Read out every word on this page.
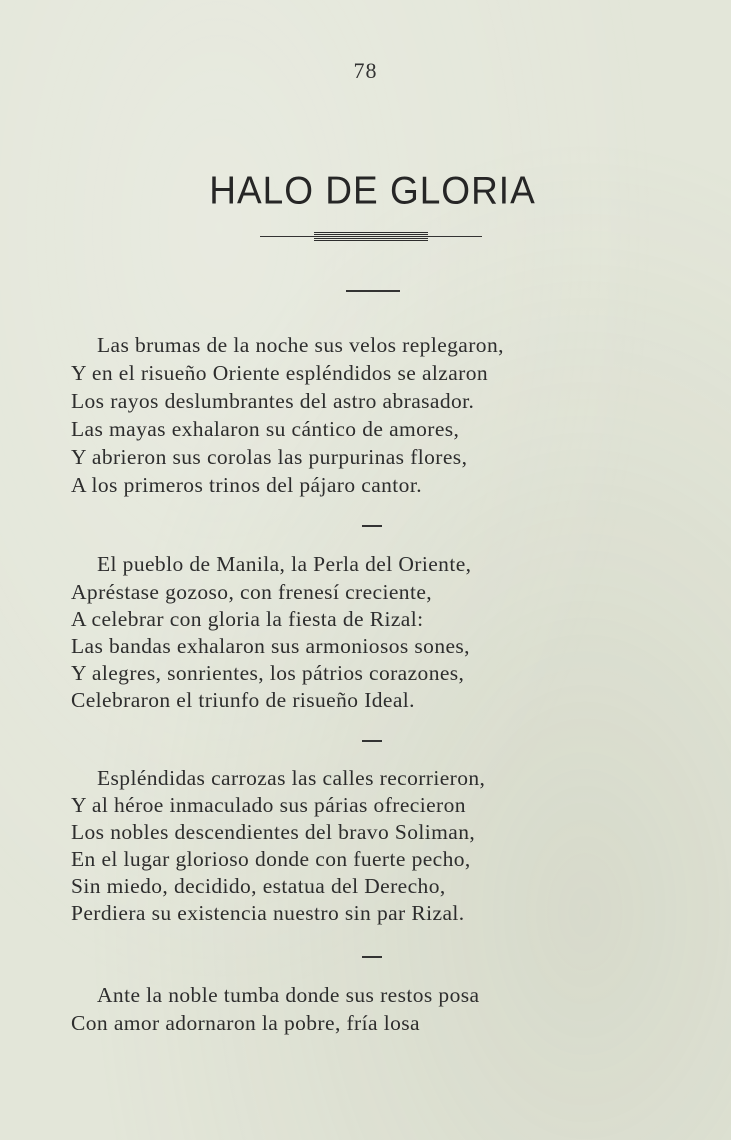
78
HALO DE GLORIA
Las brumas de la noche sus velos replegaron,
Y en el risueño Oriente espléndidos se alzaron
Los rayos deslumbrantes del astro abrasador.
Las mayas exhalaron su cántico de amores,
Y abrieron sus corolas las purpurinas flores,
A los primeros trinos del pájaro cantor.
El pueblo de Manila, la Perla del Oriente,
Apréstase gozoso, con frenesí creciente,
A celebrar con gloria la fiesta de Rizal:
Las bandas exhalaron sus armoniosos sones,
Y alegres, sonrientes, los pátrios corazones,
Celebraron el triunfo de risueño Ideal.
Espléndidas carrozas las calles recorrieron,
Y al héroe inmaculado sus párias ofrecieron
Los nobles descendientes del bravo Soliman,
En el lugar glorioso donde con fuerte pecho,
Sin miedo, decidido, estatua del Derecho,
Perdiera su existencia nuestro sin par Rizal.
Ante la noble tumba donde sus restos posa
Con amor adornaron la pobre, fría losa
